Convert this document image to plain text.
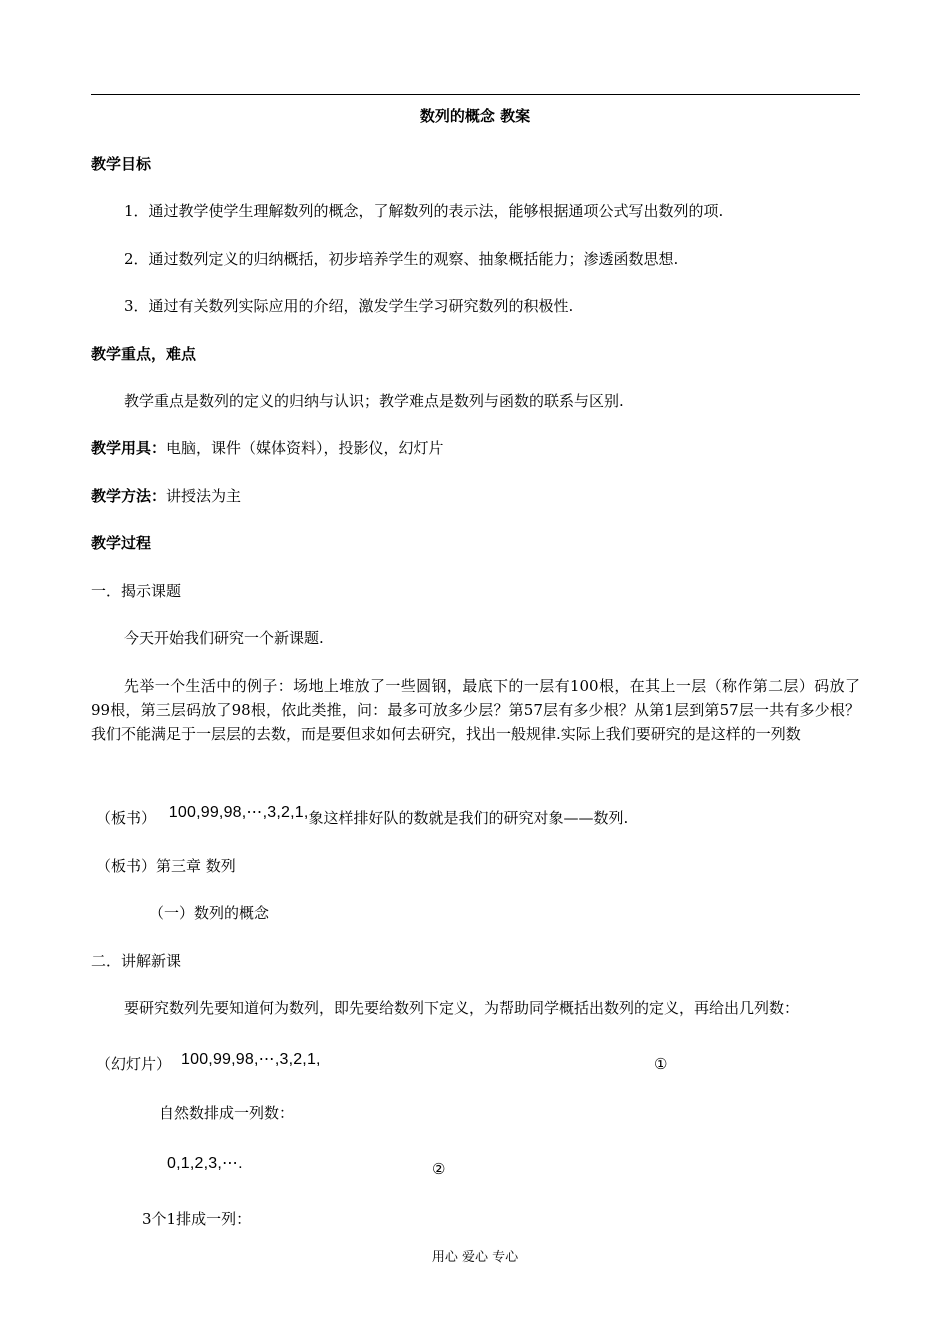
数列的概念 教案
教学目标
1．通过教学使学生理解数列的概念，了解数列的表示法，能够根据通项公式写出数列的项.
2．通过数列定义的归纳概括，初步培养学生的观察、抽象概括能力；渗透函数思想.
3．通过有关数列实际应用的介绍，激发学生学习研究数列的积极性.
教学重点，难点
教学重点是数列的定义的归纳与认识；教学难点是数列与函数的联系与区别.
教学用具：电脑，课件（媒体资料），投影仪，幻灯片
教学方法：讲授法为主
教学过程
一．揭示课题
今天开始我们研究一个新课题.
先举一个生活中的例子：场地上堆放了一些圆钢，最底下的一层有100根，在其上一层（称作第二层）码放了99根，第三层码放了98根，依此类推，问：最多可放多少层？第57层有多少根？从第1层到第57层一共有多少根？我们不能满足于一层层的去数，而是要但求如何去研究，找出一般规律.实际上我们要研究的是这样的一列数
（板书） 100,99,98,⋯,3,2,1,象这样排好队的数就是我们的研究对象——数列.
（板书）第三章 数列
（一）数列的概念
二．讲解新课
要研究数列先要知道何为数列，即先要给数列下定义，为帮助同学概括出数列的定义，再给出几列数：
（幻灯片） 100,99,98,⋯,3,2,1,	①
自然数排成一列数：
0,1,2,3,⋯.	②
3个1排成一列：
用心 爱心 专心
